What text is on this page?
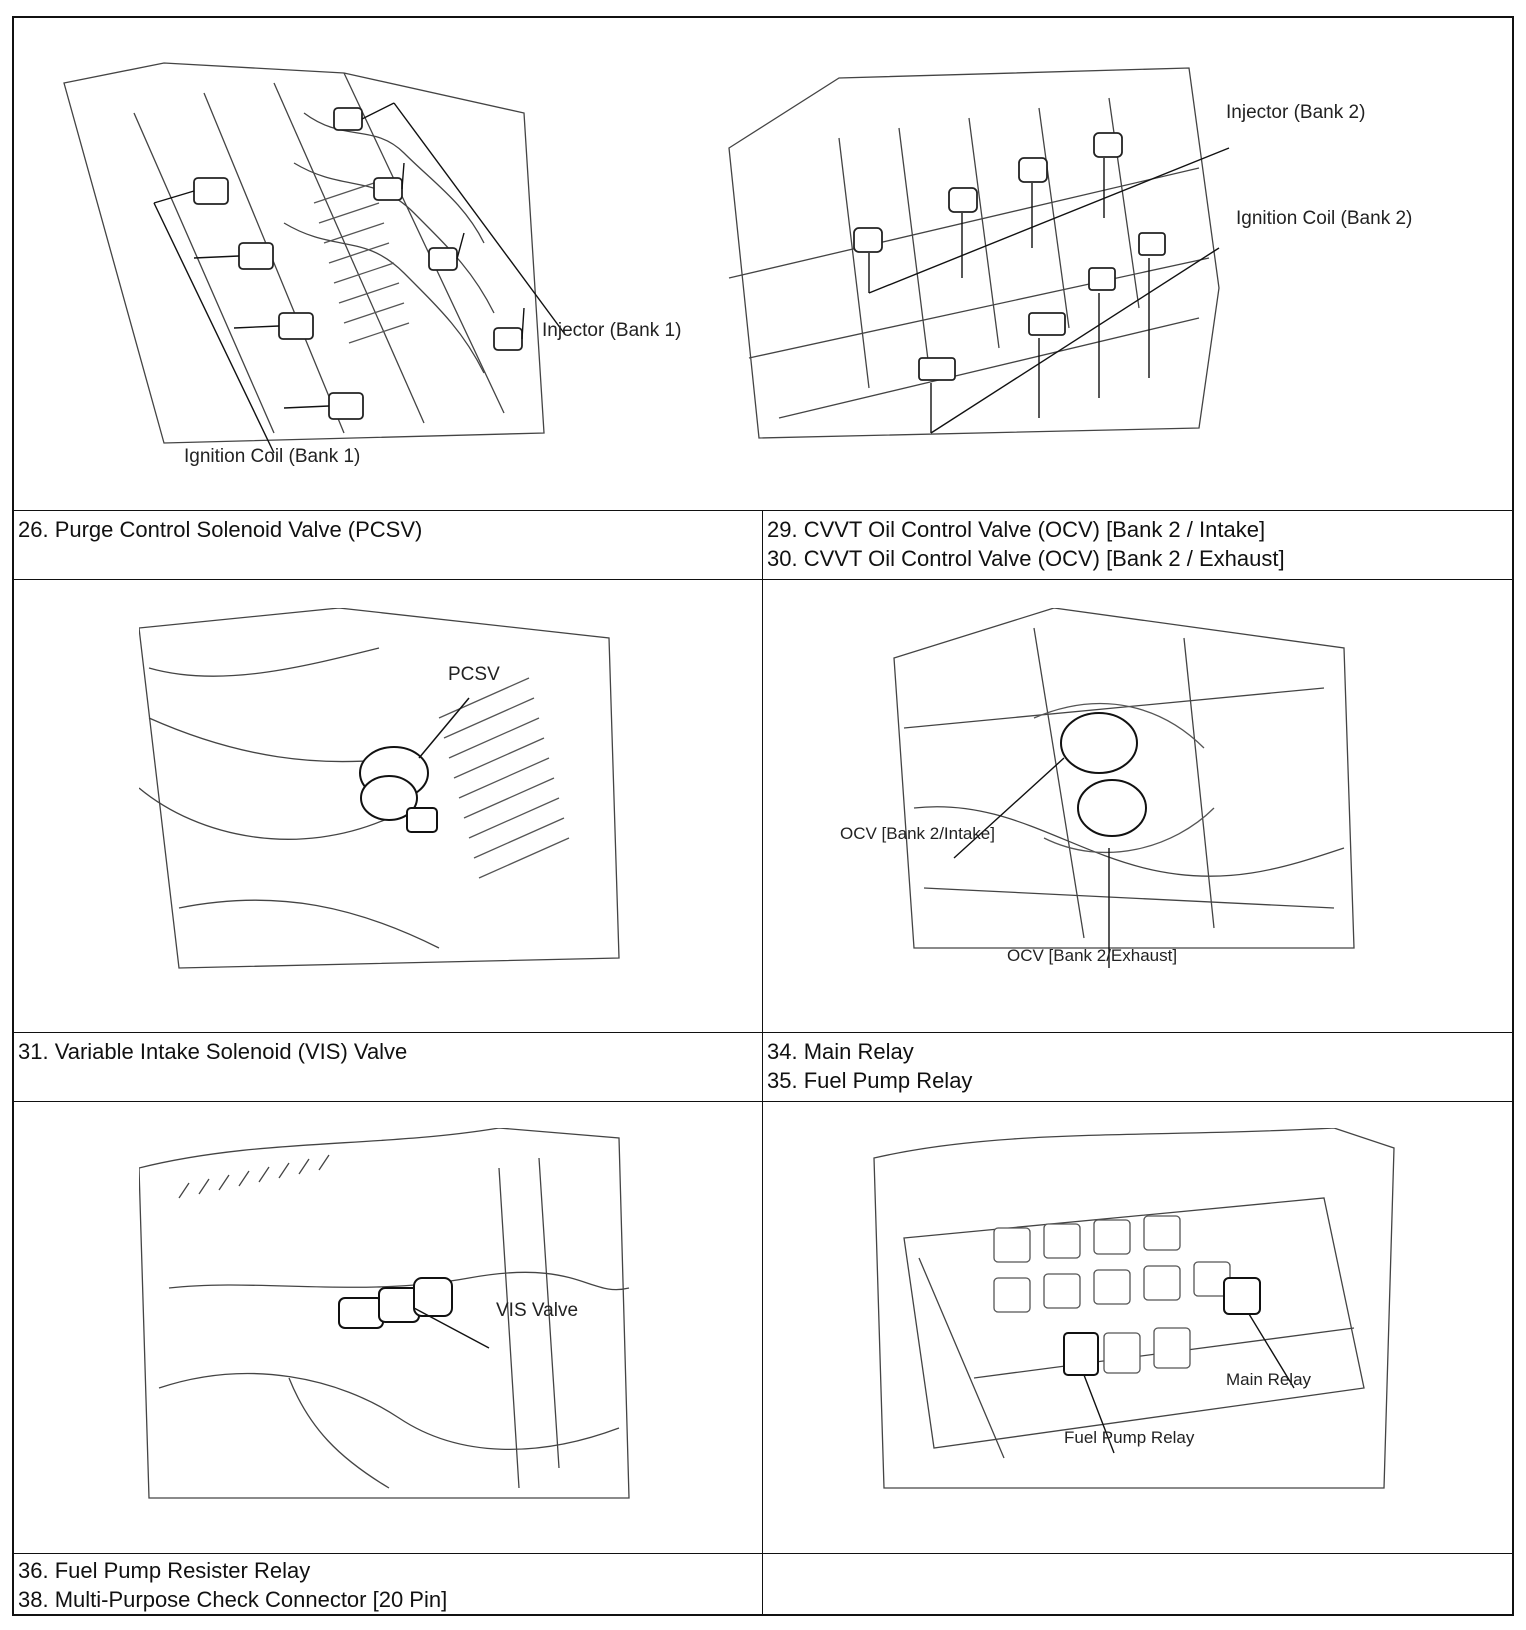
Injector (Bank 1)
Ignition Coil (Bank 1)
Injector (Bank 2)
Ignition Coil (Bank 2)
26. Purge Control Solenoid Valve (PCSV)	29. CVVT Oil Control Valve (OCV) [Bank 2 / Intake]
30. CVVT Oil Control Valve (OCV) [Bank 2 / Exhaust]
PCSV
OCV [Bank 2/Intake]
OCV [Bank 2/Exhaust]
31. Variable Intake Solenoid (VIS) Valve	34. Main Relay
35. Fuel Pump Relay
VIS Valve
Main Relay
Fuel Pump Relay
36. Fuel Pump Resister Relay
38. Multi-Purpose Check Connector [20 Pin]
